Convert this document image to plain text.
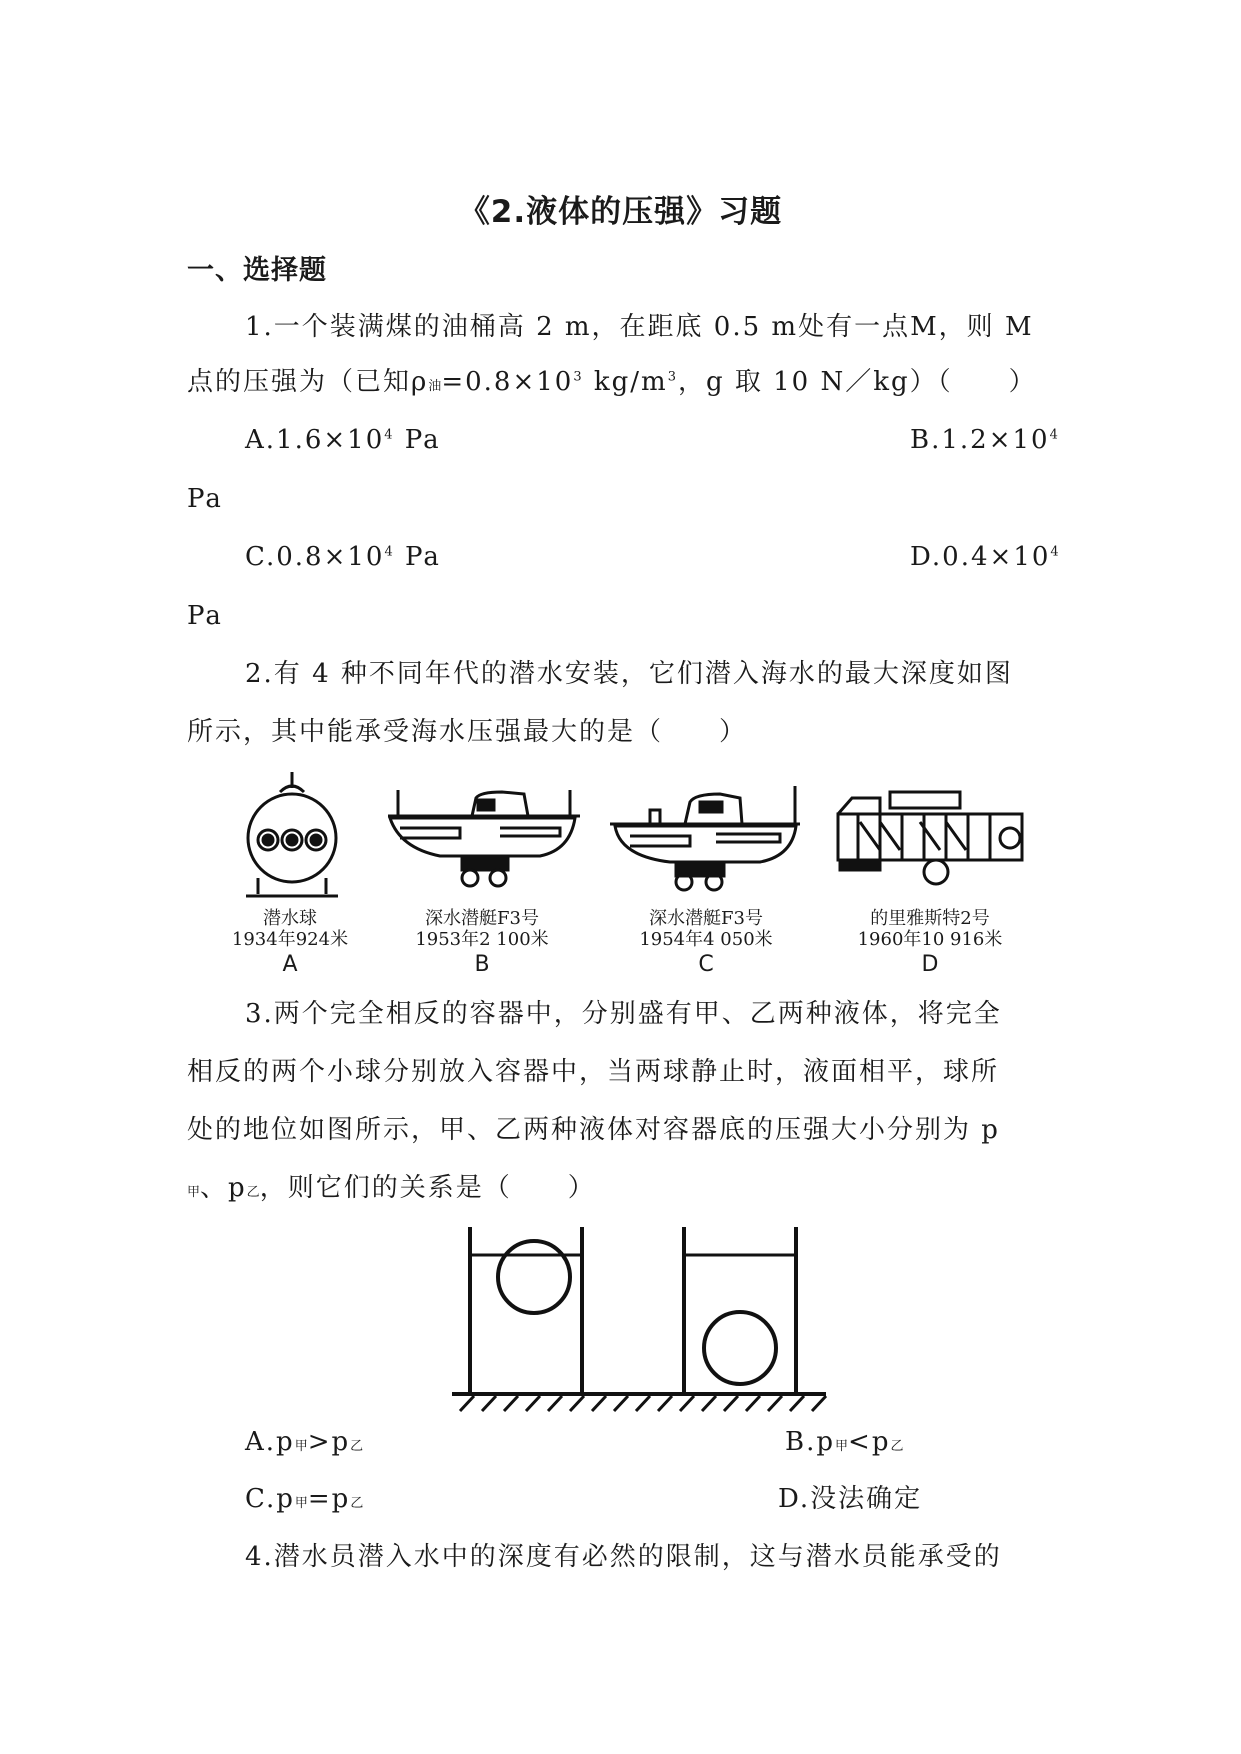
《2.液体的压强》习题
一、选择题
1.一个装满煤的油桶高 2 m，在距底 0.5 m处有一点M，则 M
点的压强为（已知ρ油$=0.8\times 10^3$ $kg/m^3$，g 取 10 N／kg）（　　）
$A.1.6\times 10^4$ Pa	$B.1.2\times 10^4$
Pa
$C.0.8\times 10^4$ Pa	$D.0.4\times 10^4$
Pa
2.有 4 种不同年代的潜水安装，它们潜入海水的最大深度如图
所示，其中能承受海水压强最大的是（　　）
潜水球
1934年924米
A
深水潜艇F3号
1953年2 100米
B
深水潜艇F3号
1954年4 050米
C
的里雅斯特2号
1960年10 916米
D
3.两个完全相反的容器中，分别盛有甲、乙两种液体，将完全
相反的两个小球分别放入容器中，当两球静止时，液面相平，球所
处的地位如图所示，甲、乙两种液体对容器底的压强大小分别为 p
甲、p乙，则它们的关系是（　　）
A.p甲>p乙	B.p甲<p乙
C.p甲=p乙	D.没法确定
4.潜水员潜入水中的深度有必然的限制，这与潜水员能承受的
